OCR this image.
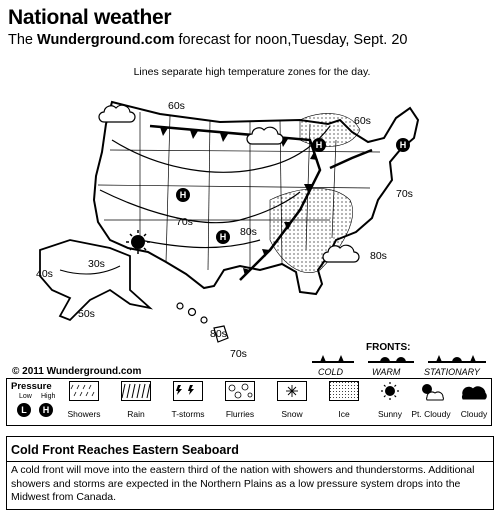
National weather
The Wunderground.com forecast for noon,Tuesday, Sept. 20
Lines separate high temperature zones for the day.
60s
60s
70s
70s
80s
80s
30s
40s
50s
80s
70s
H
H
H	H
© 2011 Wunderground.com
FRONTS:
COLD	WARM	STATIONARY
Pressure
Low High
L	H	Showers	Rain	T-storms	Flurries	Snow	Ice	Sunny	Pt. Cloudy	Cloudy
Cold Front Reaches Eastern Seaboard
A cold front will move into the eastern third of the nation with showers and thunderstorms. Additional showers and storms are expected in the Northern Plains as a low pressure system drops into the Midwest from Canada.
